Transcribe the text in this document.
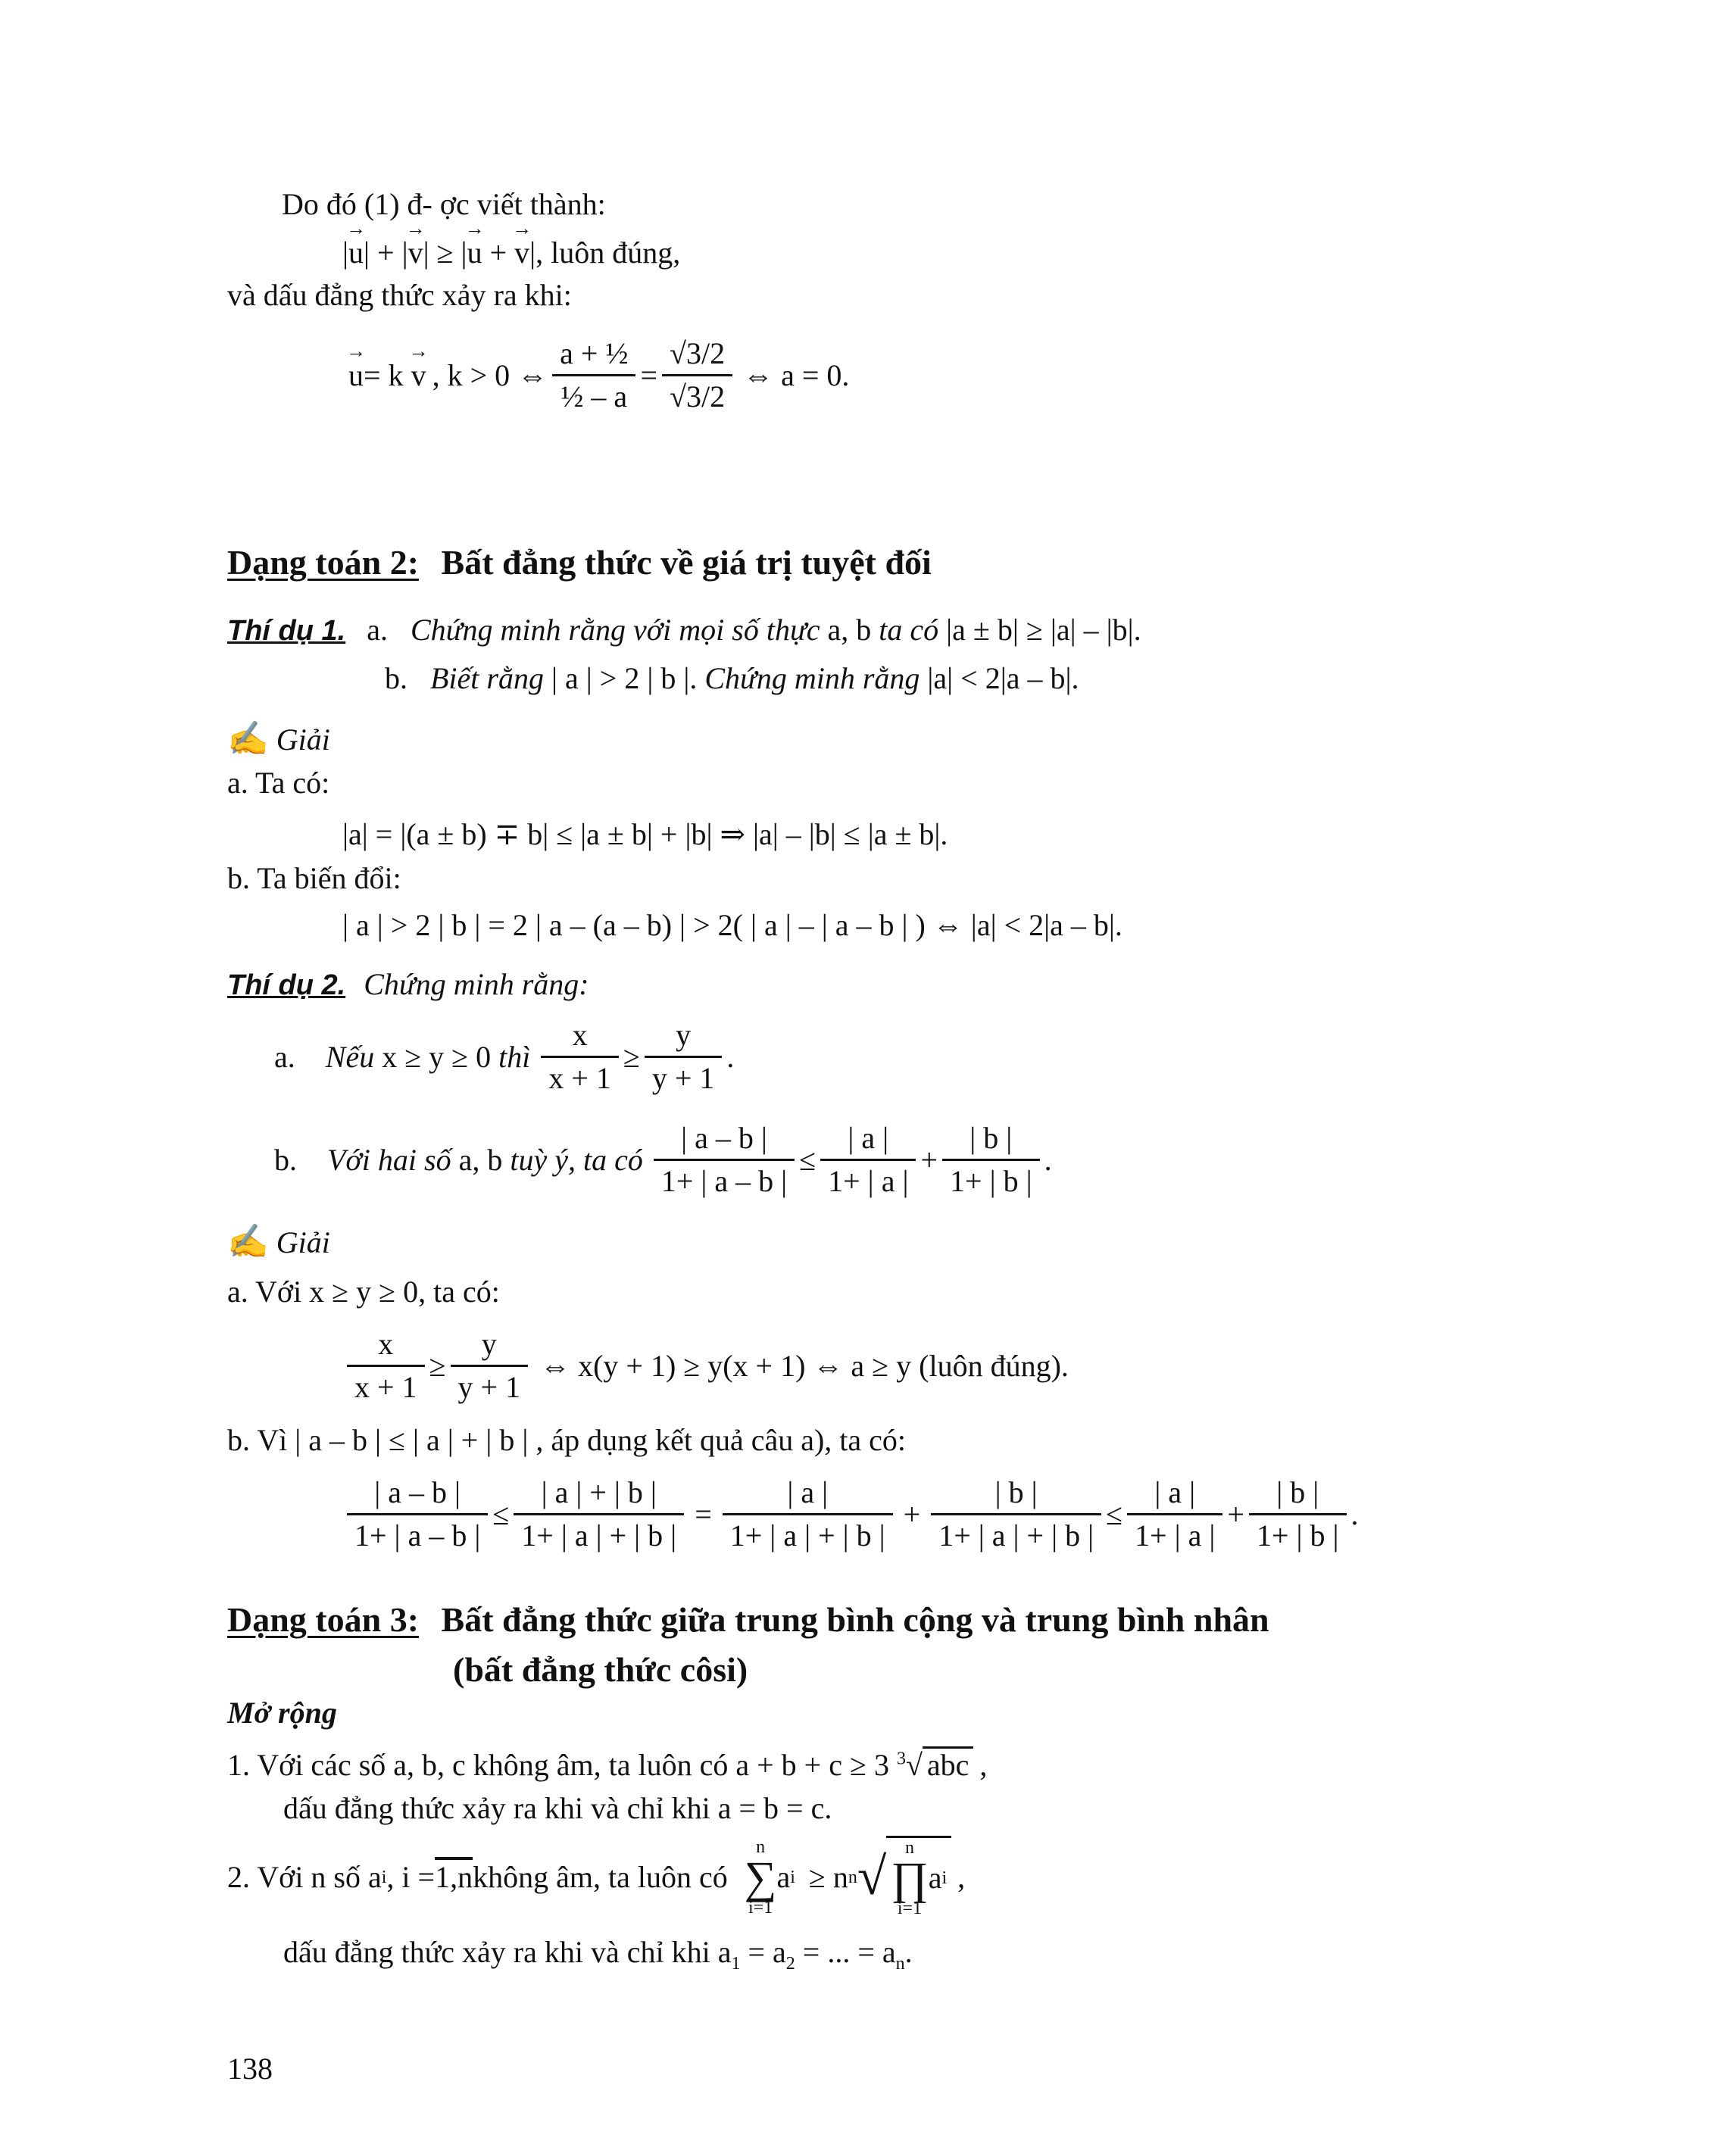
Do đó (1) đ- ợc viết thành:
|→ u| + |→ v| ≥ |→ u + → v|, luôn đúng,
và dấu đẳng thức xảy ra khi:
→ u = k → v , k > 0 ⇔ $\frac{\text{a + ½}}{\text{½ – a}} = \frac{√3/2}{√3/2}$ ⇔ a = 0.
Dạng toán 2: Bất đẳng thức về giá trị tuyệt đối
Thí dụ 1. a. Chứng minh rằng với mọi số thực a, b ta có |a ± b| ≥ |a| – |b|.
b. Biết rằng | a | > 2 | b |. Chứng minh rằng |a| < 2|a – b|.
✍ Giải
a. Ta có:
|a| = |(a ± b) ∓ b| ≤ |a ± b| + |b| ⇒ |a| – |b| ≤ |a ± b|.
b. Ta biến đổi:
| a | > 2 | b | = 2 | a – (a – b) | > 2( | a | – | a – b | ) ⇔ |a| < 2|a – b|.
Thí dụ 2. Chứng minh rằng:
a. Nếu x ≥ y ≥ 0 thì $\frac{x}{x + 1} \ge \frac{y}{y + 1}$ .
b. Với hai số a, b tuỳ ý, ta có $\frac{| a - b |}{1+ | a - b |} \le \frac{| a |}{1+ | a |} + \frac{| b |}{1+ | b |}$ .
✍ Giải
a. Với x ≥ y ≥ 0, ta có:
$\frac{x}{x + 1} \ge \frac{y}{y + 1}$ ⇔ x(y + 1) ≥ y(x + 1) ⇔ a ≥ y (luôn đúng).
b. Vì | a – b | ≤ | a | + | b | , áp dụng kết quả câu a), ta có:
$\frac{| a - b |}{1+ | a - b |} \le \frac{| a | + | b |}{1+ | a | + | b |} = \frac{| a |}{1+ | a | + | b |} + \frac{| b |}{1+ | a | + | b |} \le \frac{| a |}{1+ | a |} + \frac{| b |}{1+ | b |}$ .
Dạng toán 3: Bất đẳng thức giữa trung bình cộng và trung bình nhân
(bất đẳng thức côsi)
Mở rộng
1. Với các số a, b, c không âm, ta luôn có a + b + c ≥ 3 $^3$√ abc ,
dấu đẳng thức xảy ra khi và chỉ khi a = b = c.
2. Với n số a i , i = 1,n không âm, ta luôn có
n
∑
i=1
a i ≥ n n √ n
∏
i=1
a i ,
dấu đẳng thức xảy ra khi và chỉ khi $a_1 = a_2$ = ... = $a_n$.
138
